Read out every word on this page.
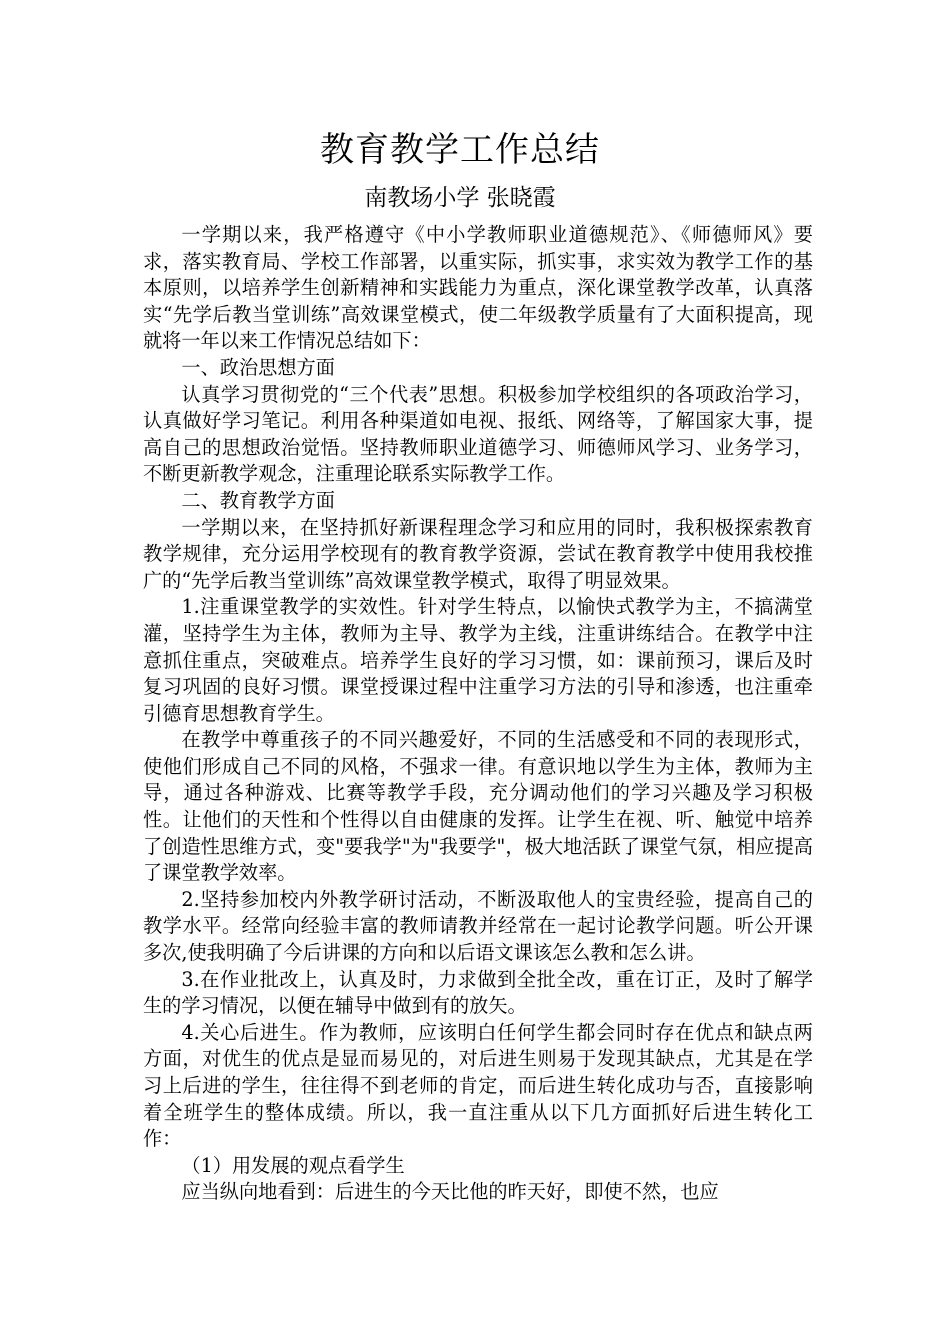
教育教学工作总结
南教场小学 张晓霞

一学期以来，我严格遵守《中小学教师职业道德规范》、《师德师风》要求，落实教育局、学校工作部署，以重实际，抓实事，求实效为教学工作的基本原则，以培养学生创新精神和实践能力为重点，深化课堂教学改革，认真落实“先学后教当堂训练”高效课堂模式，使二年级教学质量有了大面积提高，现就将一年以来工作情况总结如下：

一、政治思想方面

认真学习贯彻党的“三个代表”思想。积极参加学校组织的各项政治学习，认真做好学习笔记。利用各种渠道如电视、报纸、网络等，了解国家大事，提高自己的思想政治觉悟。坚持教师职业道德学习、师德师风学习、业务学习，不断更新教学观念，注重理论联系实际教学工作。

二、教育教学方面

一学期以来，在坚持抓好新课程理念学习和应用的同时，我积极探索教育教学规律，充分运用学校现有的教育教学资源，尝试在教育教学中使用我校推广的“先学后教当堂训练”高效课堂教学模式，取得了明显效果。

1.注重课堂教学的实效性。针对学生特点，以愉快式教学为主，不搞满堂灌，坚持学生为主体，教师为主导、教学为主线，注重讲练结合。在教学中注意抓住重点，突破难点。培养学生良好的学习习惯，如：课前预习，课后及时复习巩固的良好习惯。课堂授课过程中注重学习方法的引导和渗透，也注重牵引德育思想教育学生。

在教学中尊重孩子的不同兴趣爱好，不同的生活感受和不同的表现形式，使他们形成自己不同的风格，不强求一律。有意识地以学生为主体，教师为主导，通过各种游戏、比赛等教学手段，充分调动他们的学习兴趣及学习积极性。让他们的天性和个性得以自由健康的发挥。让学生在视、听、触觉中培养了创造性思维方式，变"要我学"为"我要学"，极大地活跃了课堂气氛，相应提高了课堂教学效率。

2.坚持参加校内外教学研讨活动，不断汲取他人的宝贵经验，提高自己的教学水平。经常向经验丰富的教师请教并经常在一起讨论教学问题。听公开课多次,使我明确了今后讲课的方向和以后语文课该怎么教和怎么讲。

3.在作业批改上，认真及时，力求做到全批全改，重在订正，及时了解学生的学习情况，以便在辅导中做到有的放矢。

4.关心后进生。作为教师，应该明白任何学生都会同时存在优点和缺点两方面，对优生的优点是显而易见的，对后进生则易于发现其缺点，尤其是在学习上后进的学生，往往得不到老师的肯定，而后进生转化成功与否，直接影响着全班学生的整体成绩。所以，我一直注重从以下几方面抓好后进生转化工作：

（1）用发展的观点看学生

应当纵向地看到：后进生的今天比他的昨天好，即使不然，也应
